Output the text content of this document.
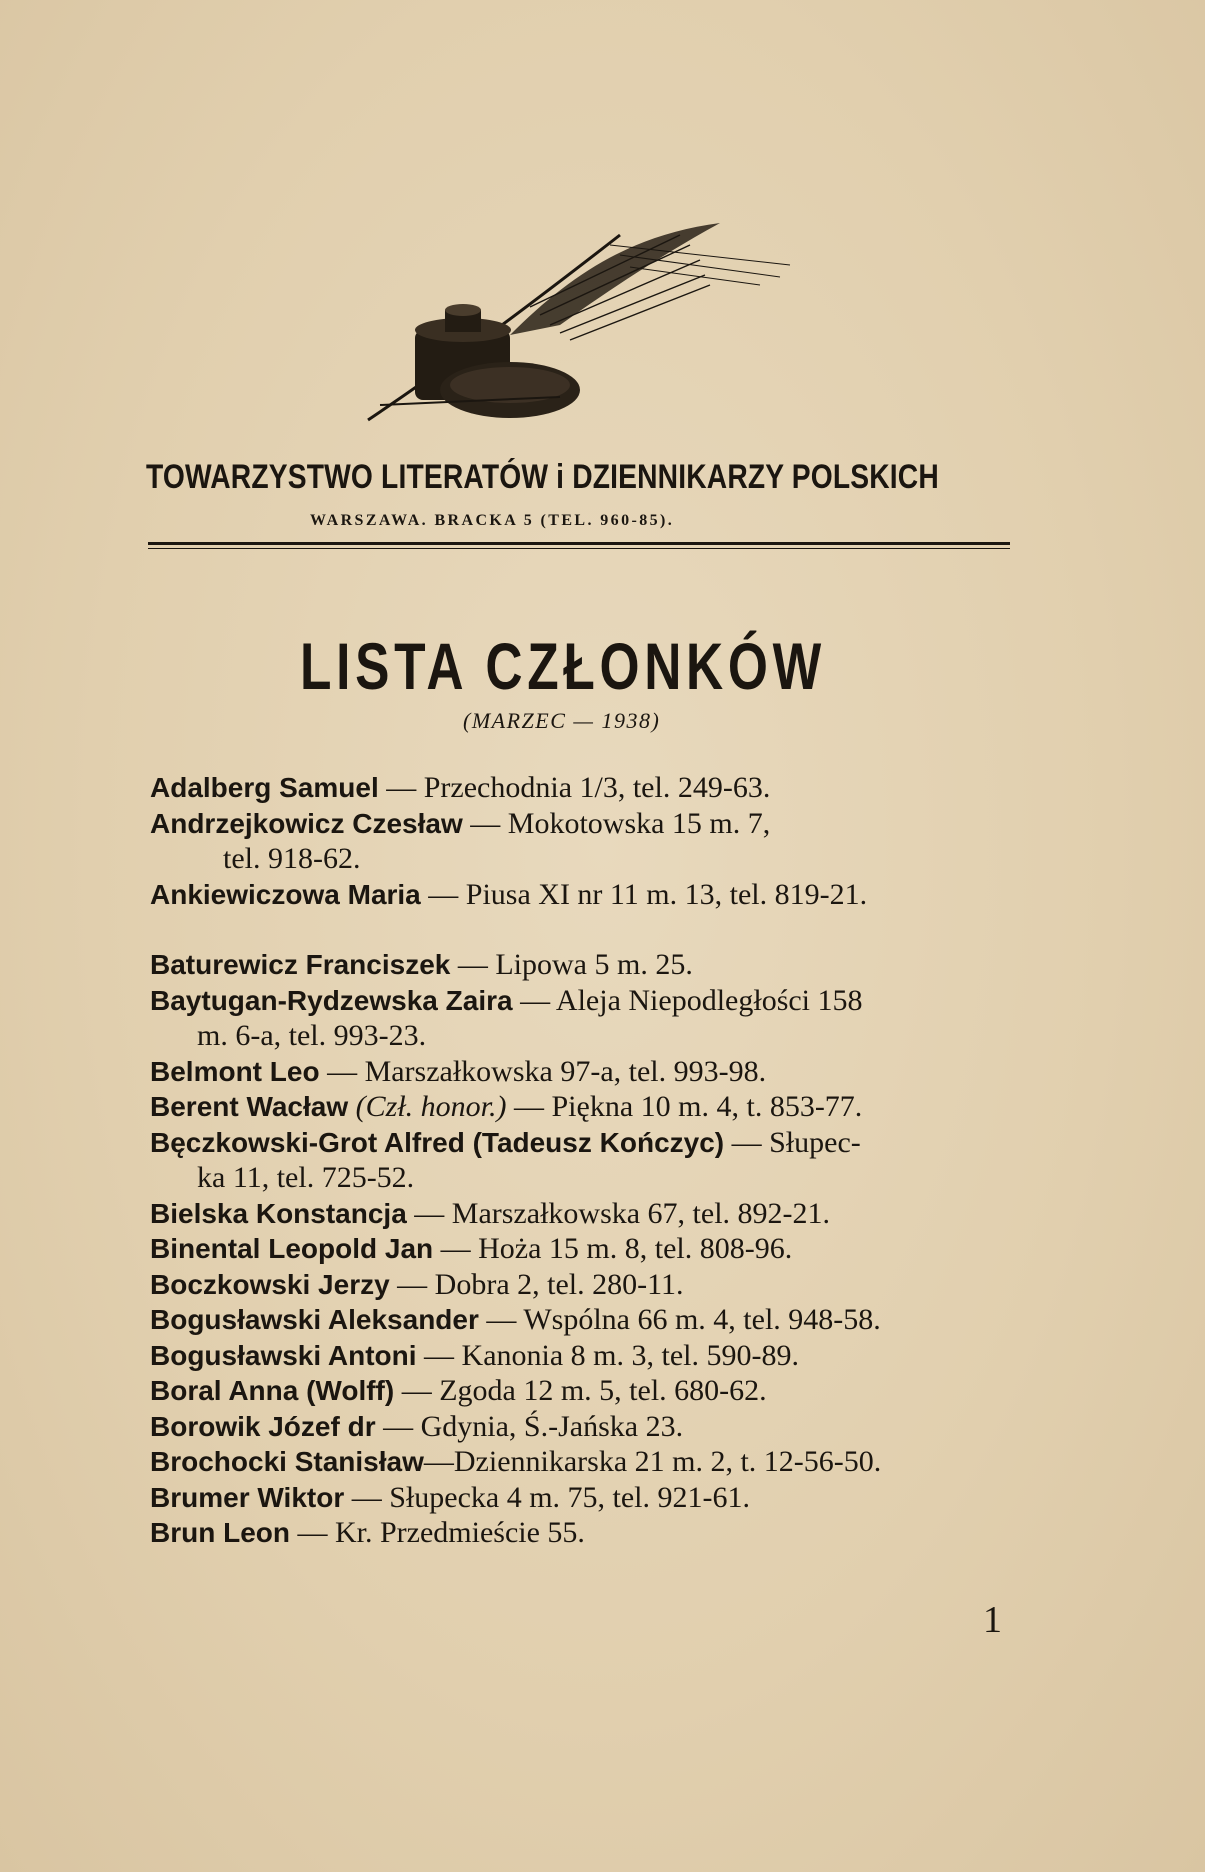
TOWARZYSTWO LITERATÓW i DZIENNIKARZY POLSKICH
WARSZAWA. BRACKA 5 (TEL. 960-85).
LISTA CZŁONKÓW
(MARZEC — 1938)
Adalberg Samuel — Przechodnia 1/3, tel. 249-63.
Andrzejkowicz Czesław — Mokotowska 15 m. 7,
tel. 918-62.
Ankiewiczowa Maria — Piusa XI nr 11 m. 13, tel. 819-21.
Baturewicz Franciszek — Lipowa 5 m. 25.
Baytugan-Rydzewska Zaira — Aleja Niepodległości 158
m. 6-a, tel. 993-23.
Belmont Leo — Marszałkowska 97-a, tel. 993-98.
Berent Wacław (Czł. honor.) — Piękna 10 m. 4, t. 853-77.
Bęczkowski-Grot Alfred (Tadeusz Kończyc) — Słupec-
ka 11, tel. 725-52.
Bielska Konstancja — Marszałkowska 67, tel. 892-21.
Binental Leopold Jan — Hoża 15 m. 8, tel. 808-96.
Boczkowski Jerzy — Dobra 2, tel. 280-11.
Bogusławski Aleksander — Wspólna 66 m. 4, tel. 948-58.
Bogusławski Antoni — Kanonia 8 m. 3, tel. 590-89.
Boral Anna (Wolff) — Zgoda 12 m. 5, tel. 680-62.
Borowik Józef dr — Gdynia, Ś.-Jańska 23.
Brochocki Stanisław—Dziennikarska 21 m. 2, t. 12-56-50.
Brumer Wiktor — Słupecka 4 m. 75, tel. 921-61.
Brun Leon — Kr. Przedmieście 55.
1
